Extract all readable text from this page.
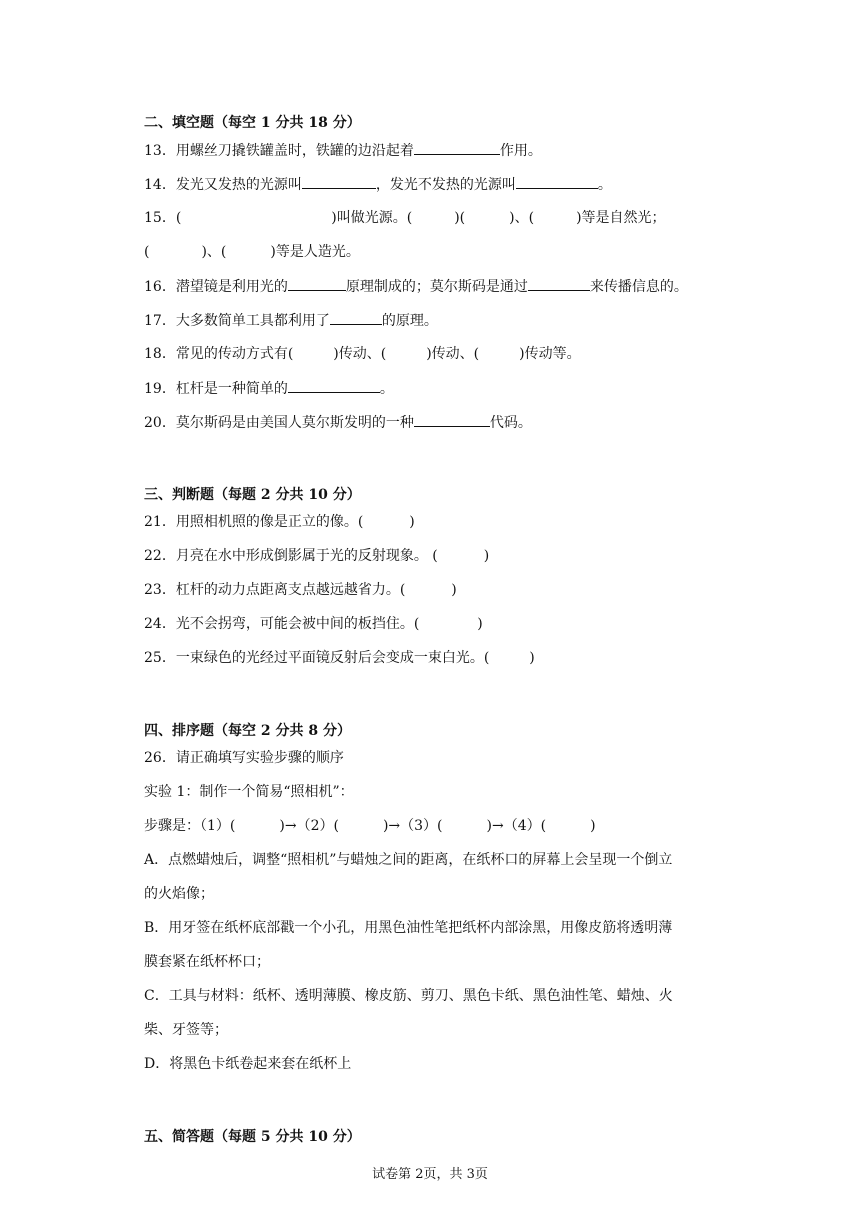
二、填空题（每空 1 分共 18 分）
13．用螺丝刀撬铁罐盖时，铁罐的边沿起着	作用。
14．发光又发热的光源叫	，发光不发热的光源叫	。
15．(	)叫做光源。(	)(	)、(	)等是自然光；
(	)、(	)等是人造光。
16．潜望镜是利用光的	原理制成的；莫尔斯码是通过	来传播信息的。
17．大多数简单工具都利用了	的原理。
18．常见的传动方式有(	)传动、(	)传动、(	)传动等。
19．杠杆是一种简单的	。
20．莫尔斯码是由美国人莫尔斯发明的一种	代码。
三、判断题（每题 2 分共 10 分）
21．用照相机照的像是正立的像。(	)
22．月亮在水中形成倒影属于光的反射现象。 (	)
23．杠杆的动力点距离支点越远越省力。(	)
24．光不会拐弯，可能会被中间的板挡住。(	)
25．一束绿色的光经过平面镜反射后会变成一束白光。(	)
四、排序题（每空 2 分共 8 分）
26．请正确填写实验步骤的顺序
实验 1：制作一个简易“照相机”：
步骤是：（1）(	)→（2）(	)→（3）(	)→（4）(	)
A．点燃蜡烛后，调整“照相机”与蜡烛之间的距离，在纸杯口的屏幕上会呈现一个倒立
的火焰像；
B．用牙签在纸杯底部戳一个小孔，用黑色油性笔把纸杯内部涂黑，用像皮筋将透明薄
膜套紧在纸杯杯口；
C．工具与材料：纸杯、透明薄膜、橡皮筋、剪刀、黑色卡纸、黑色油性笔、蜡烛、火
柴、牙签等；
D．将黑色卡纸卷起来套在纸杯上
五、简答题（每题 5 分共 10 分）
试卷第 2页，共 3页
